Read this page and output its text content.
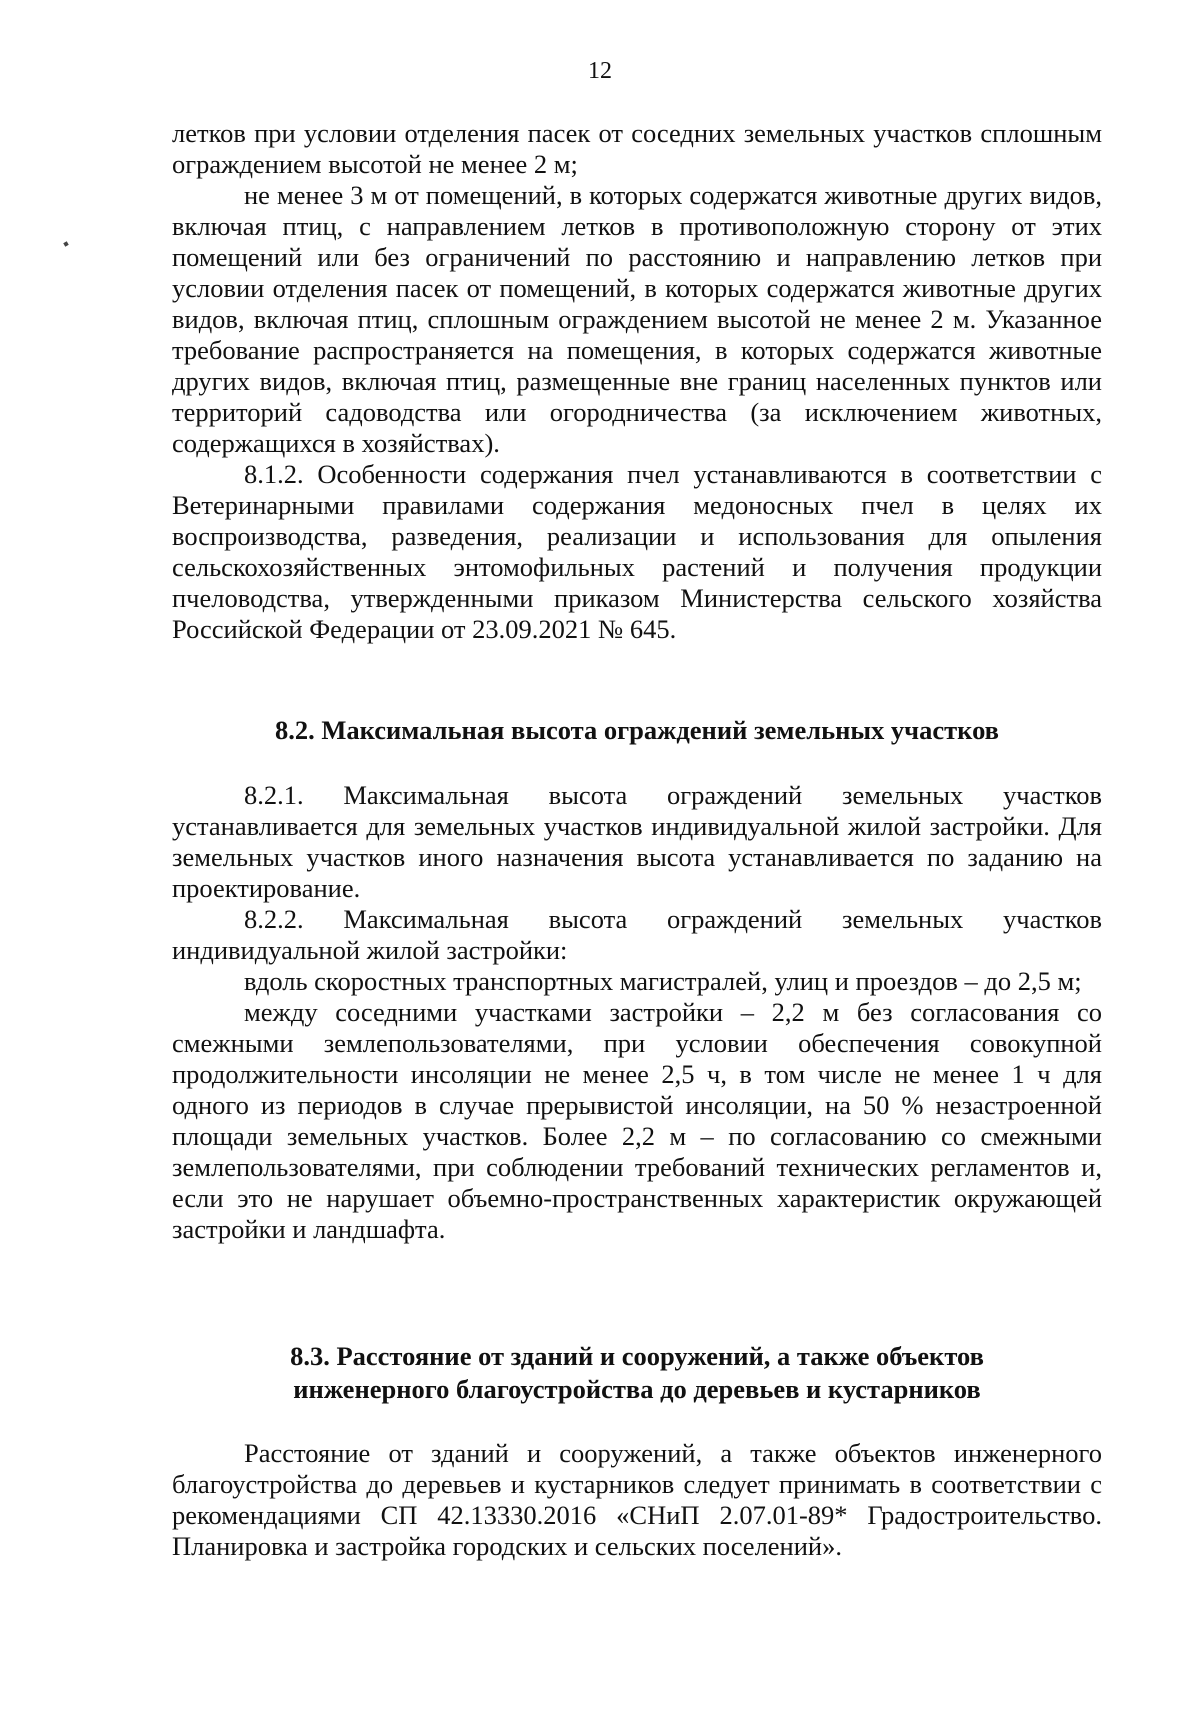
12

летков при условии отделения пасек от соседних земельных участков сплошным ограждением высотой не менее 2 м;

не менее 3 м от помещений, в которых содержатся животные других видов, включая птиц, с направлением летков в противоположную сторону от этих помещений или без ограничений по расстоянию и направлению летков при условии отделения пасек от помещений, в которых содержатся животные других видов, включая птиц, сплошным ограждением высотой не менее 2 м. Указанное требование распространяется на помещения, в которых содержатся животные других видов, включая птиц, размещенные вне границ населенных пунктов или территорий садоводства или огородничества (за исключением животных, содержащихся в хозяйствах).

8.1.2. Особенности содержания пчел устанавливаются в соответствии с Ветеринарными правилами содержания медоносных пчел в целях их воспроизводства, разведения, реализации и использования для опыления сельскохозяйственных энтомофильных растений и получения продукции пчеловодства, утвержденными приказом Министерства сельского хозяйства Российской Федерации от 23.09.2021 № 645.

8.2. Максимальная высота ограждений земельных участков

8.2.1. Максимальная высота ограждений земельных участков устанавливается для земельных участков индивидуальной жилой застройки. Для земельных участков иного назначения высота устанавливается по заданию на проектирование.

8.2.2. Максимальная высота ограждений земельных участков индивидуальной жилой застройки:

вдоль скоростных транспортных магистралей, улиц и проездов – до 2,5 м;

между соседними участками застройки – 2,2 м без согласования со смежными землепользователями, при условии обеспечения совокупной продолжительности инсоляции не менее 2,5 ч, в том числе не менее 1 ч для одного из периодов в случае прерывистой инсоляции, на 50 % незастроенной площади земельных участков. Более 2,2 м – по согласованию со смежными землепользователями, при соблюдении требований технических регламентов и, если это не нарушает объемно-пространственных характеристик окружающей застройки и ландшафта.

8.3. Расстояние от зданий и сооружений, а также объектов
инженерного благоустройства до деревьев и кустарников

Расстояние от зданий и сооружений, а также объектов инженерного благоустройства до деревьев и кустарников следует принимать в соответствии с рекомендациями СП 42.13330.2016 «СНиП 2.07.01-89* Градостроительство. Планировка и застройка городских и сельских поселений».
